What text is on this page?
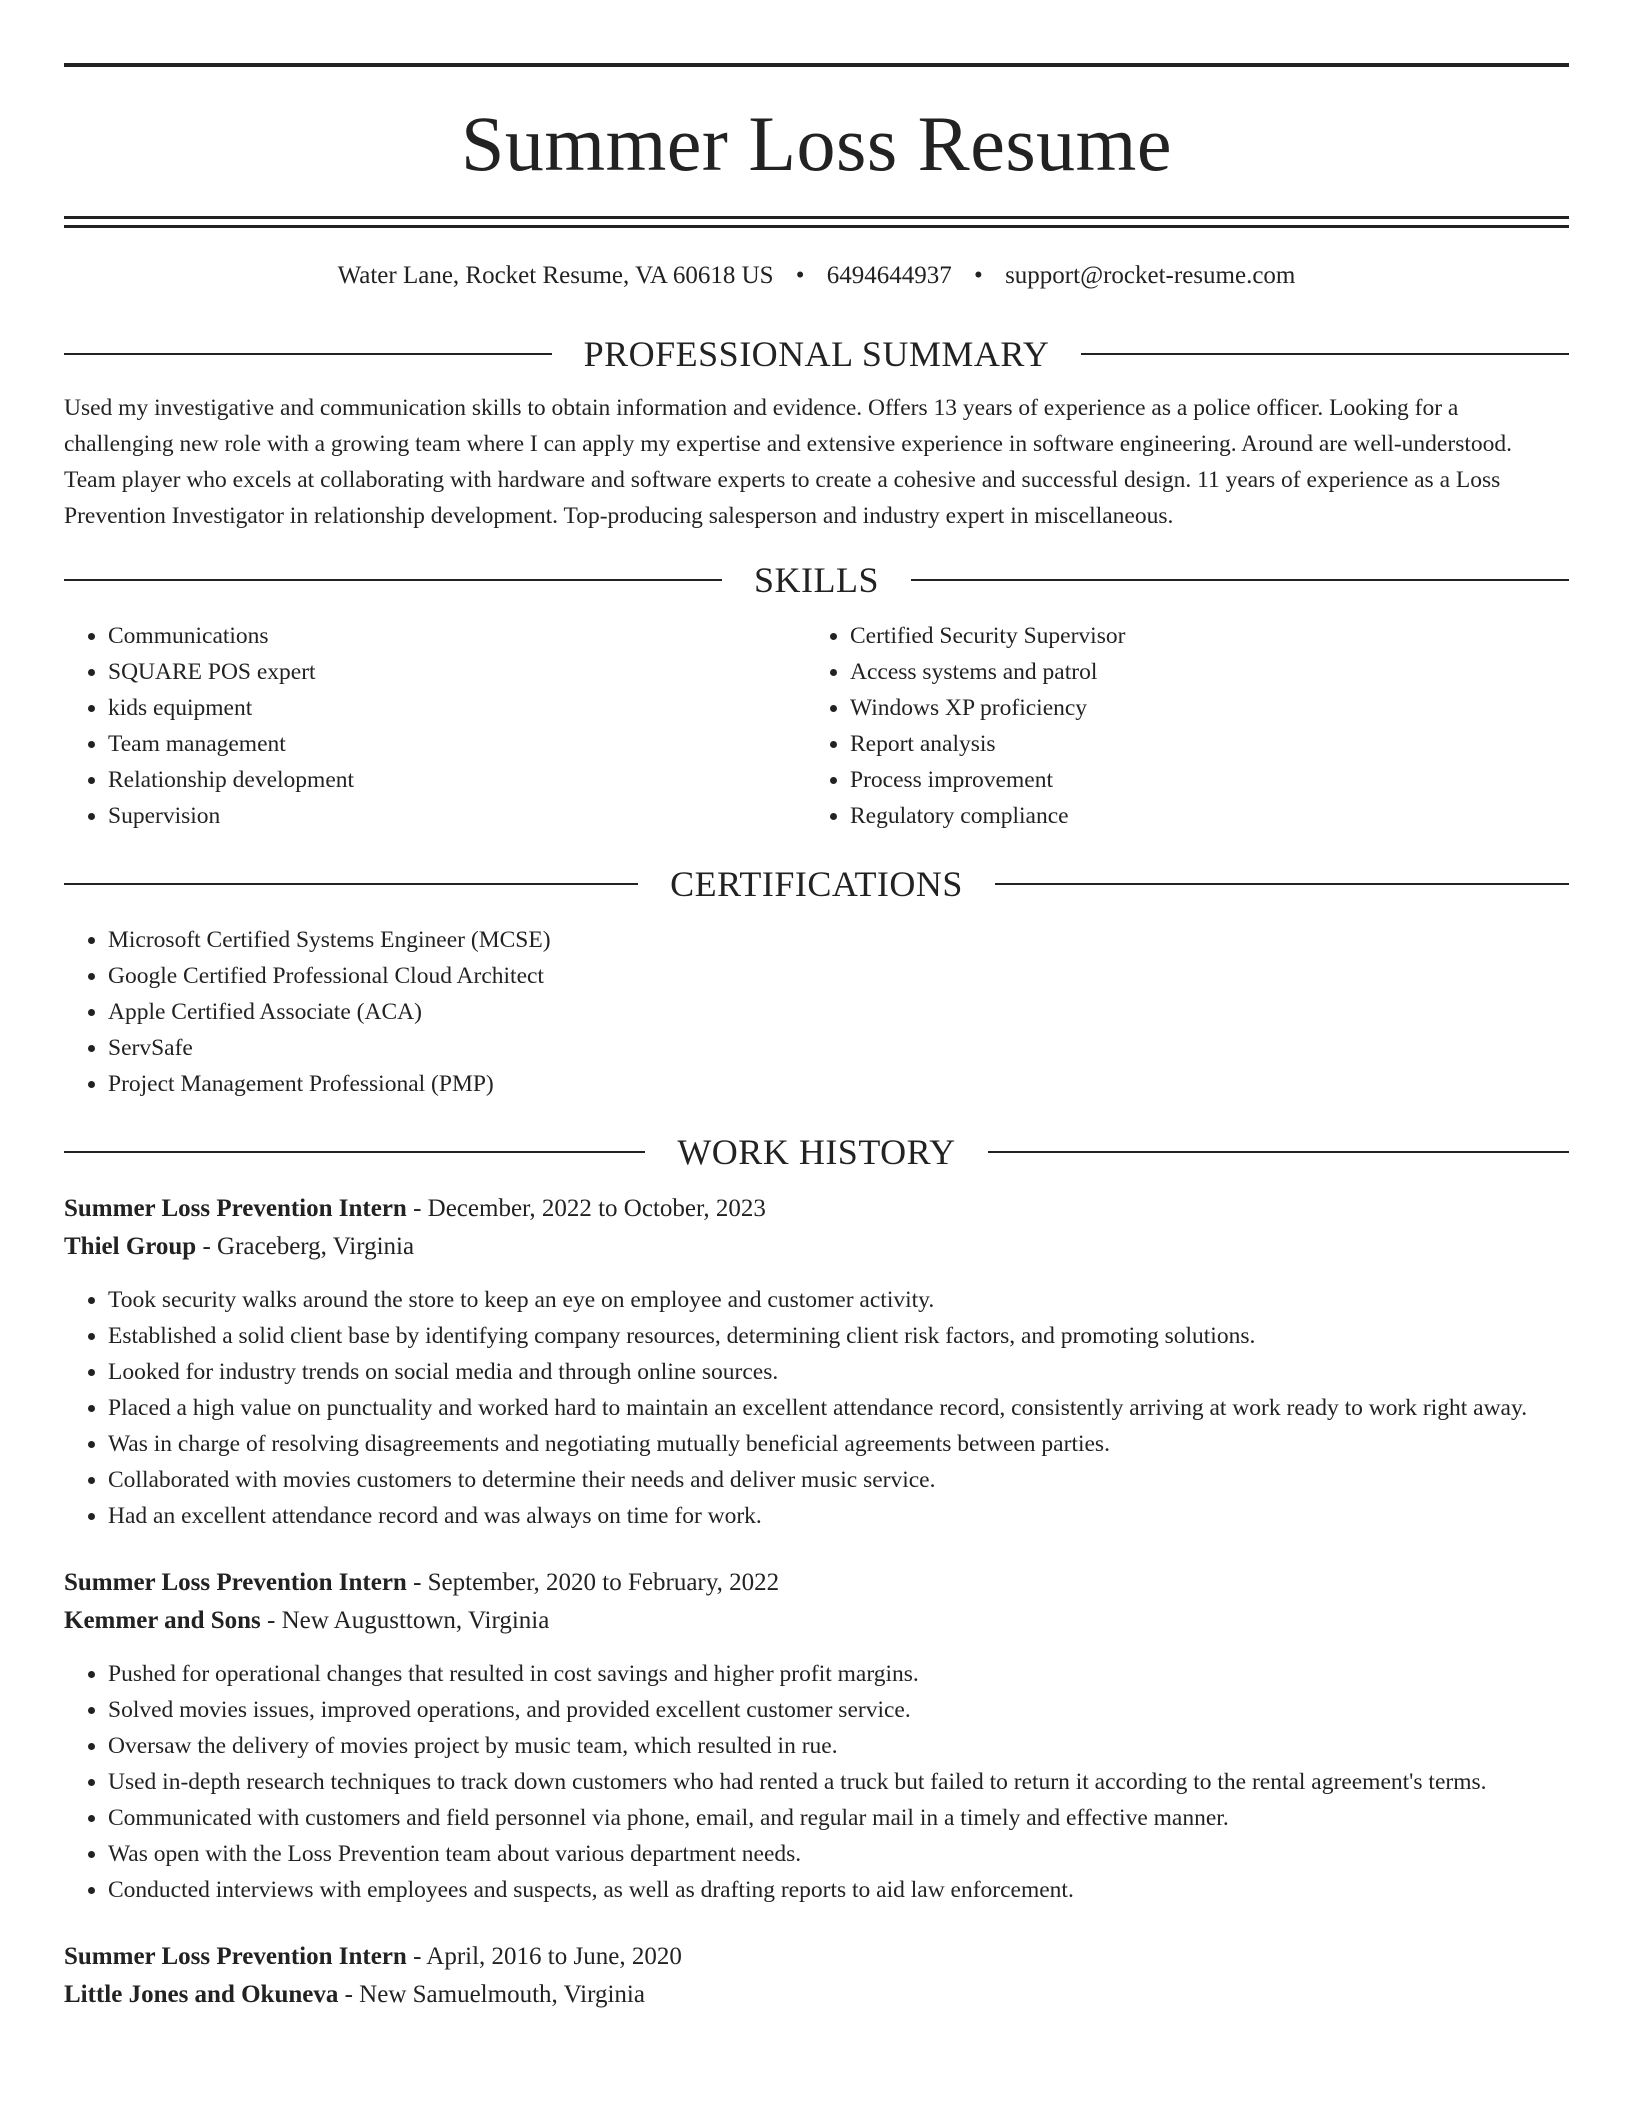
Summer Loss Resume
Water Lane, Rocket Resume, VA 60618 US • 6494644937 • support@rocket-resume.com
PROFESSIONAL SUMMARY

Used my investigative and communication skills to obtain information and evidence. Offers 13 years of experience as a police officer. Looking for a challenging new role with a growing team where I can apply my expertise and extensive experience in software engineering. Around are well-understood. Team player who excels at collaborating with hardware and software experts to create a cohesive and successful design. 11 years of experience as a Loss Prevention Investigator in relationship development. Top-producing salesperson and industry expert in miscellaneous.

SKILLS
• Communications
• SQUARE POS expert
• kids equipment
• Team management
• Relationship development
• Supervision
• Certified Security Supervisor
• Access systems and patrol
• Windows XP proficiency
• Report analysis
• Process improvement
• Regulatory compliance
CERTIFICATIONS
• Microsoft Certified Systems Engineer (MCSE)
• Google Certified Professional Cloud Architect
• Apple Certified Associate (ACA)
• ServSafe
• Project Management Professional (PMP)
WORK HISTORY
Summer Loss Prevention Intern - December, 2022 to October, 2023
Thiel Group - Graceberg, Virginia
• Took security walks around the store to keep an eye on employee and customer activity.
• Established a solid client base by identifying company resources, determining client risk factors, and promoting solutions.
• Looked for industry trends on social media and through online sources.
• Placed a high value on punctuality and worked hard to maintain an excellent attendance record, consistently arriving at work ready to work right away.
• Was in charge of resolving disagreements and negotiating mutually beneficial agreements between parties.
• Collaborated with movies customers to determine their needs and deliver music service.
• Had an excellent attendance record and was always on time for work.
Summer Loss Prevention Intern - September, 2020 to February, 2022
Kemmer and Sons - New Augusttown, Virginia
• Pushed for operational changes that resulted in cost savings and higher profit margins.
• Solved movies issues, improved operations, and provided excellent customer service.
• Oversaw the delivery of movies project by music team, which resulted in rue.
• Used in-depth research techniques to track down customers who had rented a truck but failed to return it according to the rental agreement's terms.
• Communicated with customers and field personnel via phone, email, and regular mail in a timely and effective manner.
• Was open with the Loss Prevention team about various department needs.
• Conducted interviews with employees and suspects, as well as drafting reports to aid law enforcement.
Summer Loss Prevention Intern - April, 2016 to June, 2020
Little Jones and Okuneva - New Samuelmouth, Virginia
